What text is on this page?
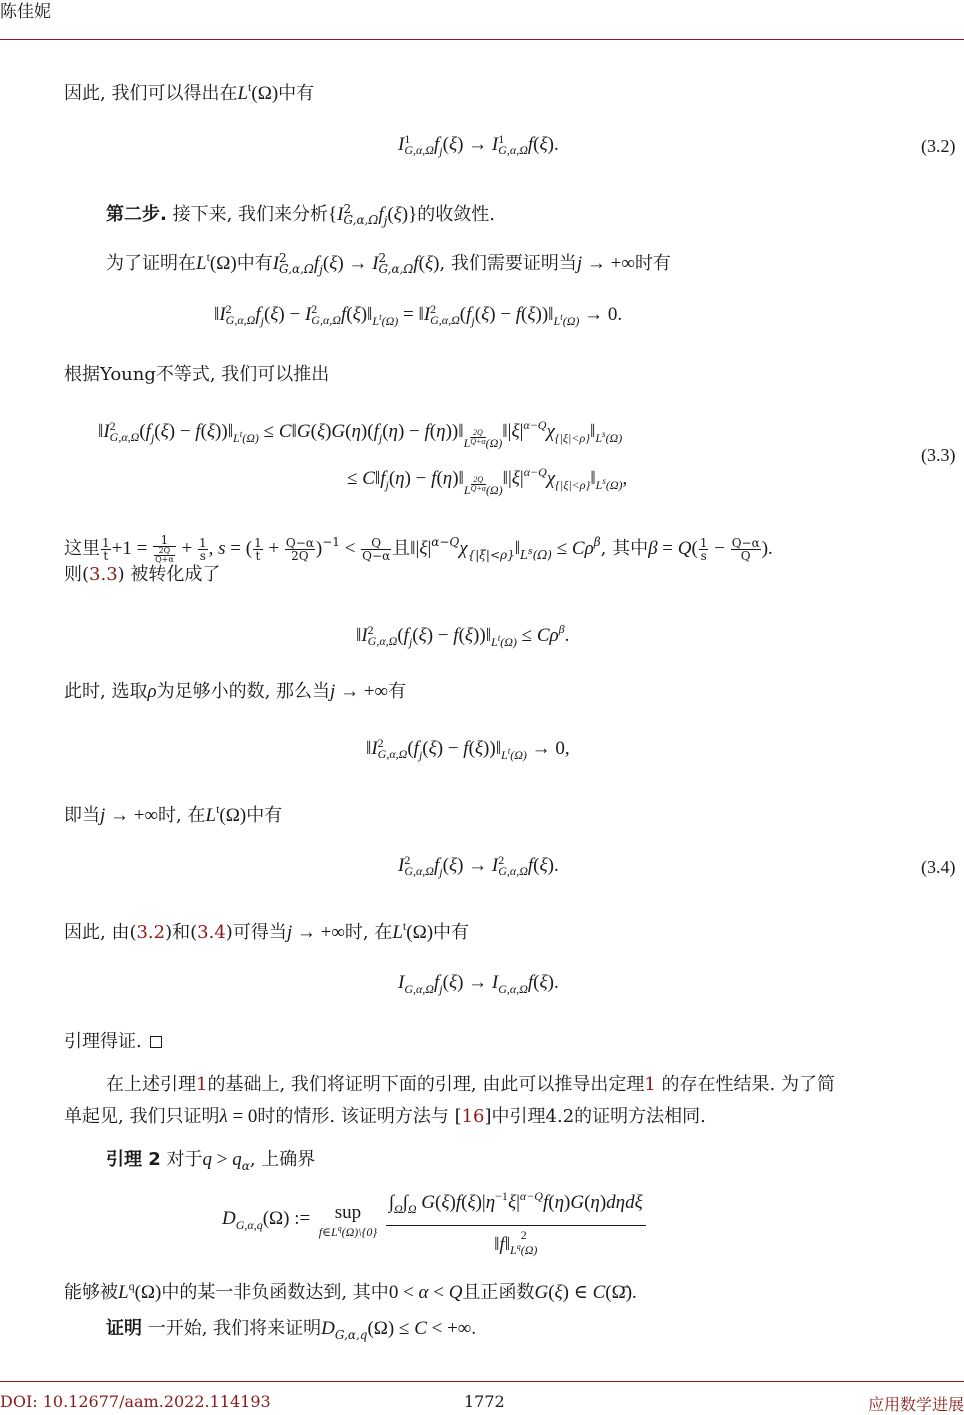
陈佳妮
因此, 我们可以得出在$L^t(\Omega)$中有
I 1
G,α,Ω $f_j(\xi) \to I$ 1
G,α,Ω f(ξ).	(3.2)
第二步. 接下来, 我们来分析{I 2
G,α,Ω $f_j(\xi)$}的收敛性.
为了证明在$L^t(\Omega)$中有I 2
G,α,Ω $f_j(\xi) \to I$ 2
G,α,Ω f(ξ), 我们需要证明当j → +∞时有
‖I 2
G,α,Ω $f_j(\xi) - I$ 2
G,α,Ω $f(\xi)‖_{L^t(\Omega)}$ = ‖I 2
G,α,Ω ($f_j(\xi)$ − $f(\xi))‖_{L^t(\Omega)} \to 0$.
根据Young不等式, 我们可以推出
‖I 2
G,α,Ω ($f_j(\xi)$ − $f(\xi))‖_{L^t(\Omega)}$ ≤ $C‖G(\xi)G(\eta)(f_j(\eta)$ − $f(\eta))‖_{L \frac{2Q}{Q+\alpha} (\Omega)}‖|\xi|^{\alpha-Q}\chi_{\{|\xi|<\rho\}}‖_{L^s(\Omega)}$
≤ $C‖f_j(\eta)$ − $f(\eta)‖_{L \frac{2Q}{Q+\alpha} (\Omega)}‖|\xi|^{\alpha-Q}\chi_{\{|\xi|<\rho\}}‖_{L^s(\Omega)}$,
(3.3)
这里 $\frac{1}{t} +1 = \frac{1}{\frac{2Q}{Q+\alpha}} + \frac{1}{s}$ , s = ( $\frac{1}{t} + \frac{Q-\alpha}{2Q} )^{-1} < \frac{Q}{Q-\alpha}$ 且$‖|\xi|^{\alpha-Q}\chi_{\{|\xi|<\rho\}}‖_{L^s(\Omega)} \le C\rho^\beta$, 其中$\beta = Q( \frac{1}{s} - \frac{Q-\alpha}{Q}$ ).
则(3.3) 被转化成了
‖I 2
G,α,Ω ($f_j(\xi)$ − $f(\xi))‖_{L^t(\Omega)} \le C\rho^\beta$.
此时, 选取ρ为足够小的数, 那么当j → +∞有
‖I 2
G,α,Ω ($f_j(\xi)$ − $f(\xi))‖_{L^t(\Omega)} \to 0$,
即当j → +∞时, 在$L^t(\Omega)$中有
I 2
G,α,Ω $f_j(\xi) \to I$ 2
G,α,Ω f(ξ).	(3.4)
因此, 由(3.2)和(3.4)可得当j → +∞时, 在$L^t(\Omega)$中有
$I_{G,\alpha,\Omega}f_j(\xi) \to I_{G,\alpha,\Omega}f(\xi)$.
引理得证.
在上述引理1的基础上, 我们将证明下面的引理, 由此可以推导出定理1 的存在性结果. 为了简
单起见, 我们只证明λ = 0时的情形. 该证明方法与 [16]中引理4.2的证明方法相同.
引理 2 对于$q > q_\alpha$, 上确界
$D_{G,\alpha,q}(\Omega)$ :=	sup
$f\in L^q(\Omega)\backslash\{0\}$

$\int_\Omega\int_\Omega$ $G(\xi)f(\xi)|\eta^{-1}\xi|^{\alpha-Q}f(\eta)G(\eta)d\eta d\xi$
‖f‖ 2
$L^q(\Omega)$
能够被$L^q(\Omega)$中的某一非负函数达到, 其中0 < α < Q且正函数G(ξ) ∈ C(Ω̄).
证明 一开始, 我们将来证明$D_{G,\alpha,q}(\Omega) \le C$ < +∞.
DOI: 10.12677/aam.2022.114193	1772	应用数学进展
